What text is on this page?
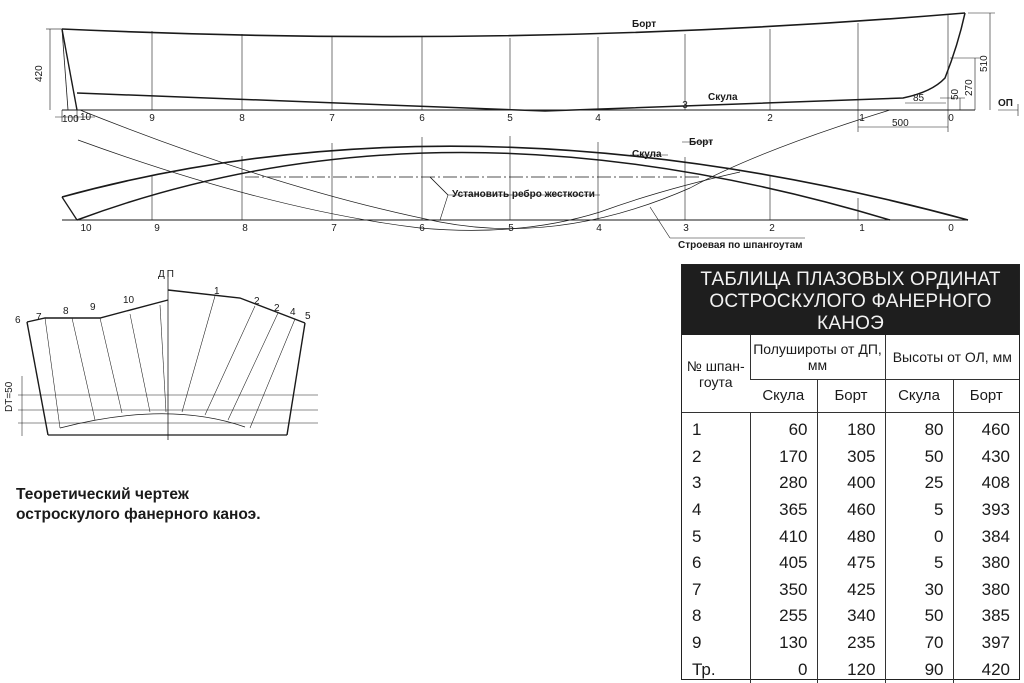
Борт
Скула
420
510
270
50
85	ОП
100 10
500
9	8	7	6	5	4
3
2	1	0
Борт
Скула
Установить ребро жесткости
Строевая по шпангоутам
10	9	8	7	6	5	4	3	2	1	0
ДП
DT=50
6 7
8 9
10
1
2
2 4 5
Теоретический чертеж
остроскулого фанерного каноэ.
ТАБЛИЦА ПЛАЗОВЫХ ОРДИНАТ
ОСТРОСКУЛОГО ФАНЕРНОГО
КАНОЭ
№ шпан- гоута	Полушироты от ДП, мм		Высоты от ОЛ, мм	
	Скула	Борт	Скула	Борт
1	60	180	80	460
2	170	305	50	430
3	280	400	25	408
4	365	460	5	393
5	410	480	0	384
6	405	475	5	380
7	350	425	30	380
8	255	340	50	385
9	130	235	70	397
Тр.	0	120	90	420
